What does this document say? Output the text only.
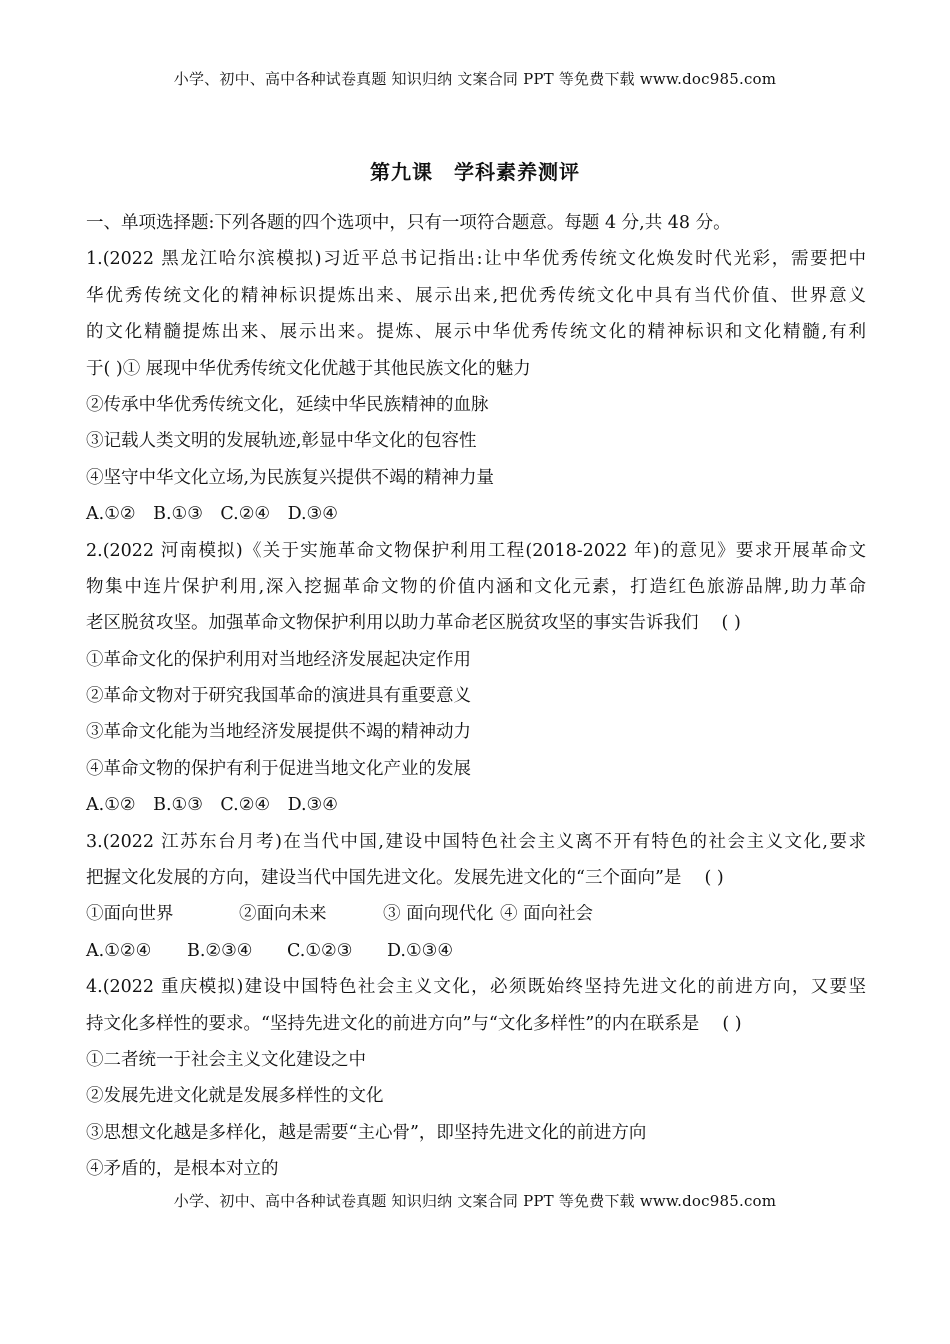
小学、初中、高中各种试卷真题 知识归纳 文案合同 PPT 等免费下载 www.doc985.com
第九课　学科素养测评
一、单项选择题:下列各题的四个选项中，只有一项符合题意。每题 4 分,共 48 分。
1.(2022 黑龙江哈尔滨模拟)习近平总书记指出:让中华优秀传统文化焕发时代光彩，需要把中
华优秀传统文化的精神标识提炼出来、展示出来,把优秀传统文化中具有当代价值、世界意义
的文化精髓提炼出来、展示出来。提炼、展示中华优秀传统文化的精神标识和文化精髓,有利
于( )① 展现中华优秀传统文化优越于其他民族文化的魅力
②传承中华优秀传统文化，延续中华民族精神的血脉
③记载人类文明的发展轨迹,彰显中华文化的包容性
④坚守中华文化立场,为民族复兴提供不竭的精神力量
A.①②　B.①③　C.②④　D.③④
2.(2022 河南模拟)《关于实施革命文物保护利用工程(2018-2022 年)的意见》要求开展革命文
物集中连片保护利用,深入挖掘革命文物的价值内涵和文化元素，打造红色旅游品牌,助力革命
老区脱贫攻坚。加强革命文物保护利用以助力革命老区脱贫攻坚的事实告诉我们　 ( )
①革命文化的保护利用对当地经济发展起决定作用
②革命文物对于研究我国革命的演进具有重要意义
③革命文化能为当地经济发展提供不竭的精神动力
④革命文物的保护有利于促进当地文化产业的发展
A.①②　B.①③　C.②④　D.③④
3.(2022 江苏东台月考)在当代中国,建设中国特色社会主义离不开有特色的社会主义文化,要求
把握文化发展的方向，建设当代中国先进文化。发展先进文化的“三个面向”是　 ( )
①面向世界	②面向未来	③ 面向现代化 ④ 面向社会
A.①②④ B.②③④ C.①②③ D.①③④
4.(2022 重庆模拟)建设中国特色社会主义文化，必须既始终坚持先进文化的前进方向，又要坚
持文化多样性的要求。“坚持先进文化的前进方向”与“文化多样性”的内在联系是　 ( )
①二者统一于社会主义文化建设之中
②发展先进文化就是发展多样性的文化
③思想文化越是多样化，越是需要“主心骨”，即坚持先进文化的前进方向
④矛盾的，是根本对立的
小学、初中、高中各种试卷真题 知识归纳 文案合同 PPT 等免费下载 www.doc985.com
